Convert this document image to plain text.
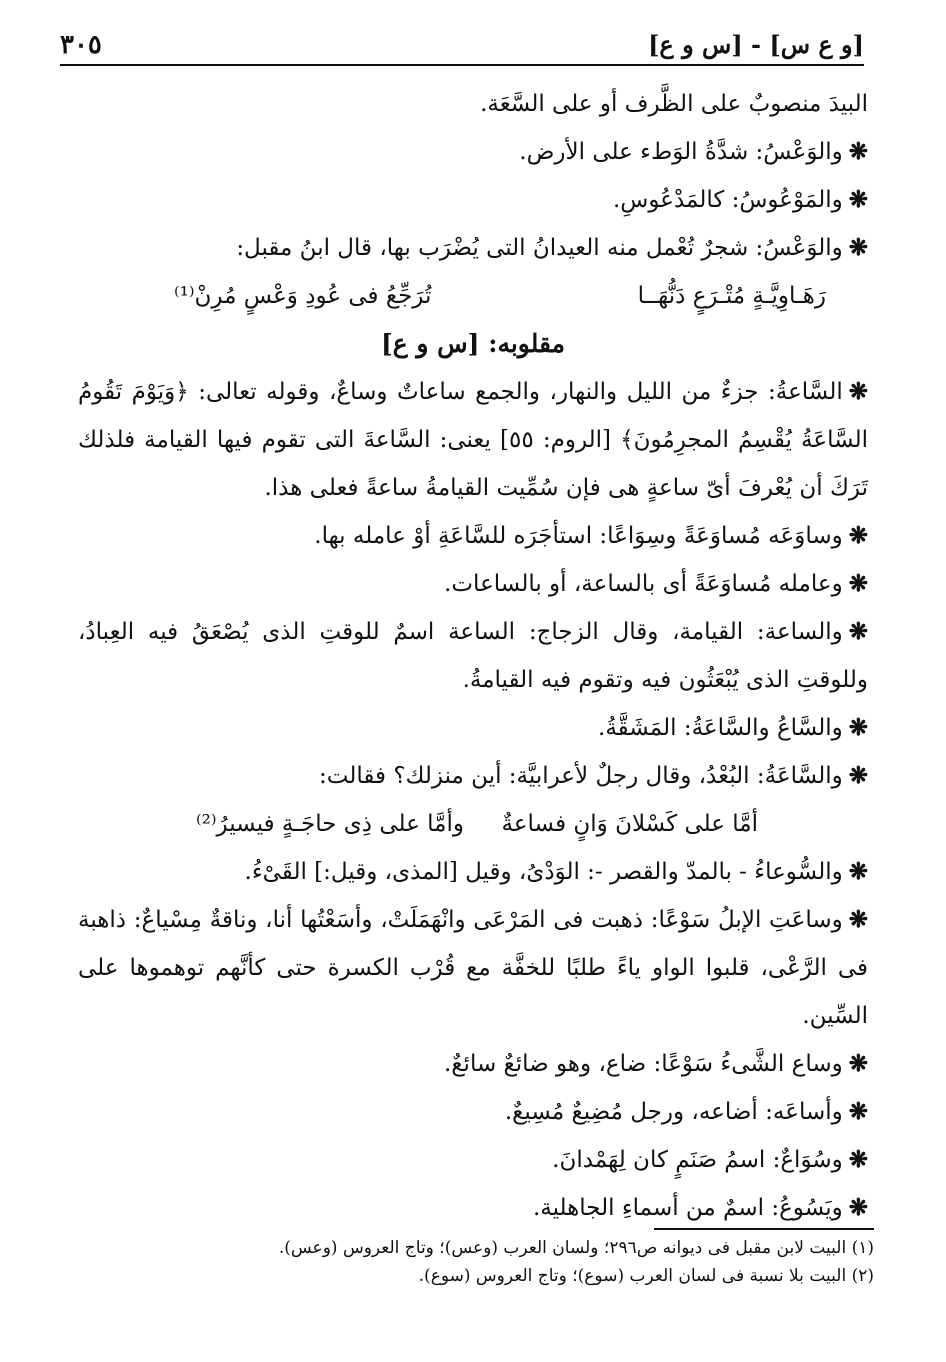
[و ع س] - [س و ع]
٣٠٥

البيدَ منصوبٌ على الظَّرف أو على السَّعَة.

❋والوَعْسُ: شدَّةُ الوَطء على الأرض.

❋والمَوْعُوسُ: كالمَدْعُوسِ.

❋والوَعْسُ: شجرٌ تُعْمل منه العيدانُ التى يُضْرَب بها، قال ابنُ مقبل:

رَهَـاوِيَّـةٍ مُتْـرَعٍ دَنُّهَــا
تُرَجِّعُ فى عُودِ وَعْسٍ مُرِنْ⁽¹⁾

مقلوبه: [س و ع]

❋السَّاعةُ: جزءٌ من الليل والنهار، والجمع ساعاتٌ وساعٌ، وقوله تعالى: ﴿وَيَوْمَ تَقُومُ السَّاعَةُ يُقْسِمُ المجرِمُونَ﴾ [الروم: ٥٥] يعنى: السَّاعةَ التى تقوم فيها القيامة فلذلك تَرَكَ أن يُعْرفَ أىّ ساعةٍ هى فإن سُمِّيت القيامةُ ساعةً فعلى هذا.

❋وساوَعَه مُساوَعَةً وسِوَاعًا: استأجَرَه للسَّاعَةِ أوْ عامله بها.

❋وعامله مُساوَعَةً أى بالساعة، أو بالساعات.

❋والساعة: القيامة، وقال الزجاج: الساعة اسمٌ للوقتِ الذى يُصْعَقُ فيه العِبادُ، وللوقتِ الذى يُبْعَثُون فيه وتقوم فيه القيامةُ.

❋والسَّاعُ والسَّاعَةُ: المَشَقَّةُ.

❋والسَّاعَةُ: البُعْدُ، وقال رجلٌ لأعرابيَّة: أين منزلك؟ فقالت:

أمَّا على كَسْلانَ وَانٍ فساعةٌ
وأمَّا على ذِى حاجَـةٍ فيسيرُ⁽²⁾

❋والسُّوعاءُ - بالمدّ والقصر -: الوَدْىُ، وقيل [المذى، وقيل:] القَىْءُ.

❋وساعَتِ الإبلُ سَوْعًا: ذهبت فى المَرْعَى وانْهَمَلَتْ، وأسَعْتُها أنا، وناقةٌ مِسْياعٌ: ذاهبة فى الرَّعْى، قلبوا الواو ياءً طلبًا للخفَّة مع قُرْب الكسرة حتى كأنَّهم توهموها على السِّين.

❋وساع الشَّىءُ سَوْعًا: ضاع، وهو ضائعٌ سائعٌ.

❋وأساعَه: أضاعه، ورجل مُضِيعٌ مُسِيعٌ.

❋وسُوَاعٌ: اسمُ صَنَمٍ كان لِهَمْدانَ.

❋ويَسُوعُ: اسمٌ من أسماءِ الجاهلية.

(١) البيت لابن مقبل فى ديوانه ص٢٩٦؛ ولسان العرب (وعس)؛ وتاج العروس (وعس).

(٢) البيت بلا نسبة فى لسان العرب (سوع)؛ وتاج العروس (سوع).
